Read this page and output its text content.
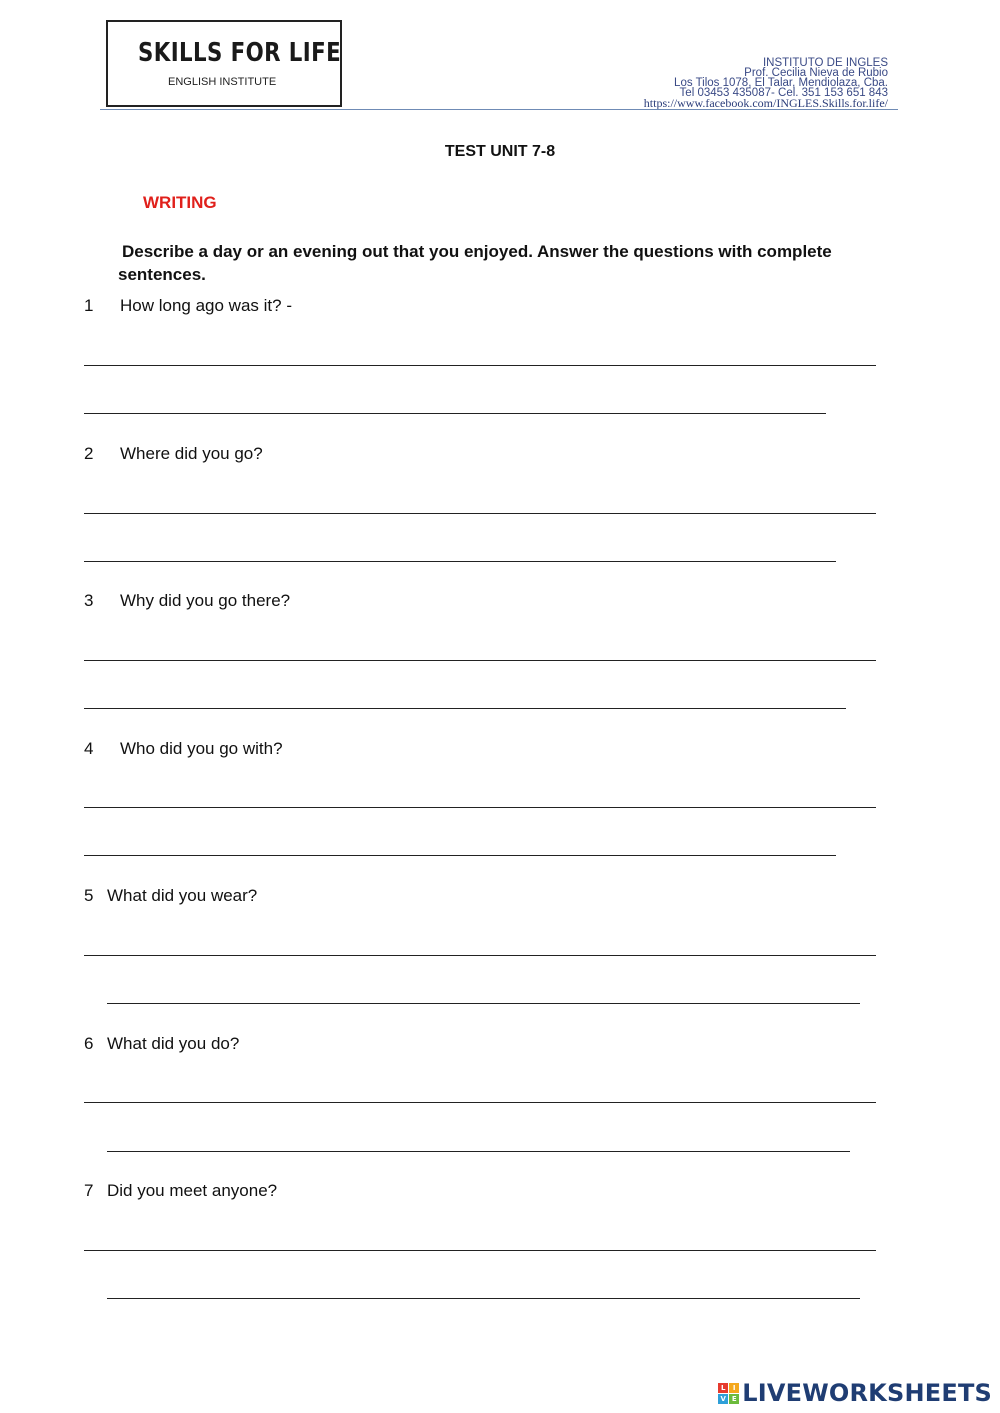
SKILLS FOR LIFE
ENGLISH INSTITUTE
INSTITUTO DE INGLES
Prof. Cecilia Nieva de Rubio
Los Tilos 1078, El Talar, Mendiolaza, Cba.
Tel 03453 435087- Cel. 351 153 651 843
https://www.facebook.com/INGLES.Skills.for.life/
TEST UNIT 7-8
WRITING
Describe a day or an evening out that you enjoyed. Answer the questions with complete sentences.
1 How long ago was it? -
2 Where did you go?
3 Why did you go there?
4 Who did you go with?
5 What did you wear?
6 What did you do?
7 Did you meet anyone?
L	I
V E LIVEWORKSHEETS
